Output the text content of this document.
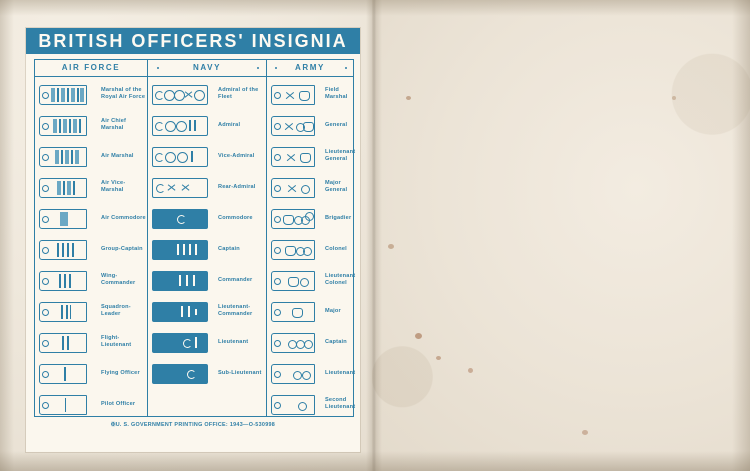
BRITISH OFFICERS' INSIGNIA
AIR FORCE	NAVY	ARMY
Marshal of the Royal Air Force
Air Chief Marshal
Air Marshal
Air Vice-Marshal
Air Commodore
Group-Captain
Wing-Commander
Squadron-Leader
Flight-Lieutenant
Flying Officer
Pilot Officer
Admiral of the Fleet
Admiral
Vice-Admiral
Rear-Admiral
Commodore
Captain
Commander
Lieutenant-Commander
Lieutenant
Sub-Lieutenant
Field Marshal
General
Lieutenant General
Major General
Brigadier
Colonel
Lieutenant Colonel
Major
Captain
Lieutenant
Second Lieutenant
✠U. S. GOVERNMENT PRINTING OFFICE: 1943—O-530998
